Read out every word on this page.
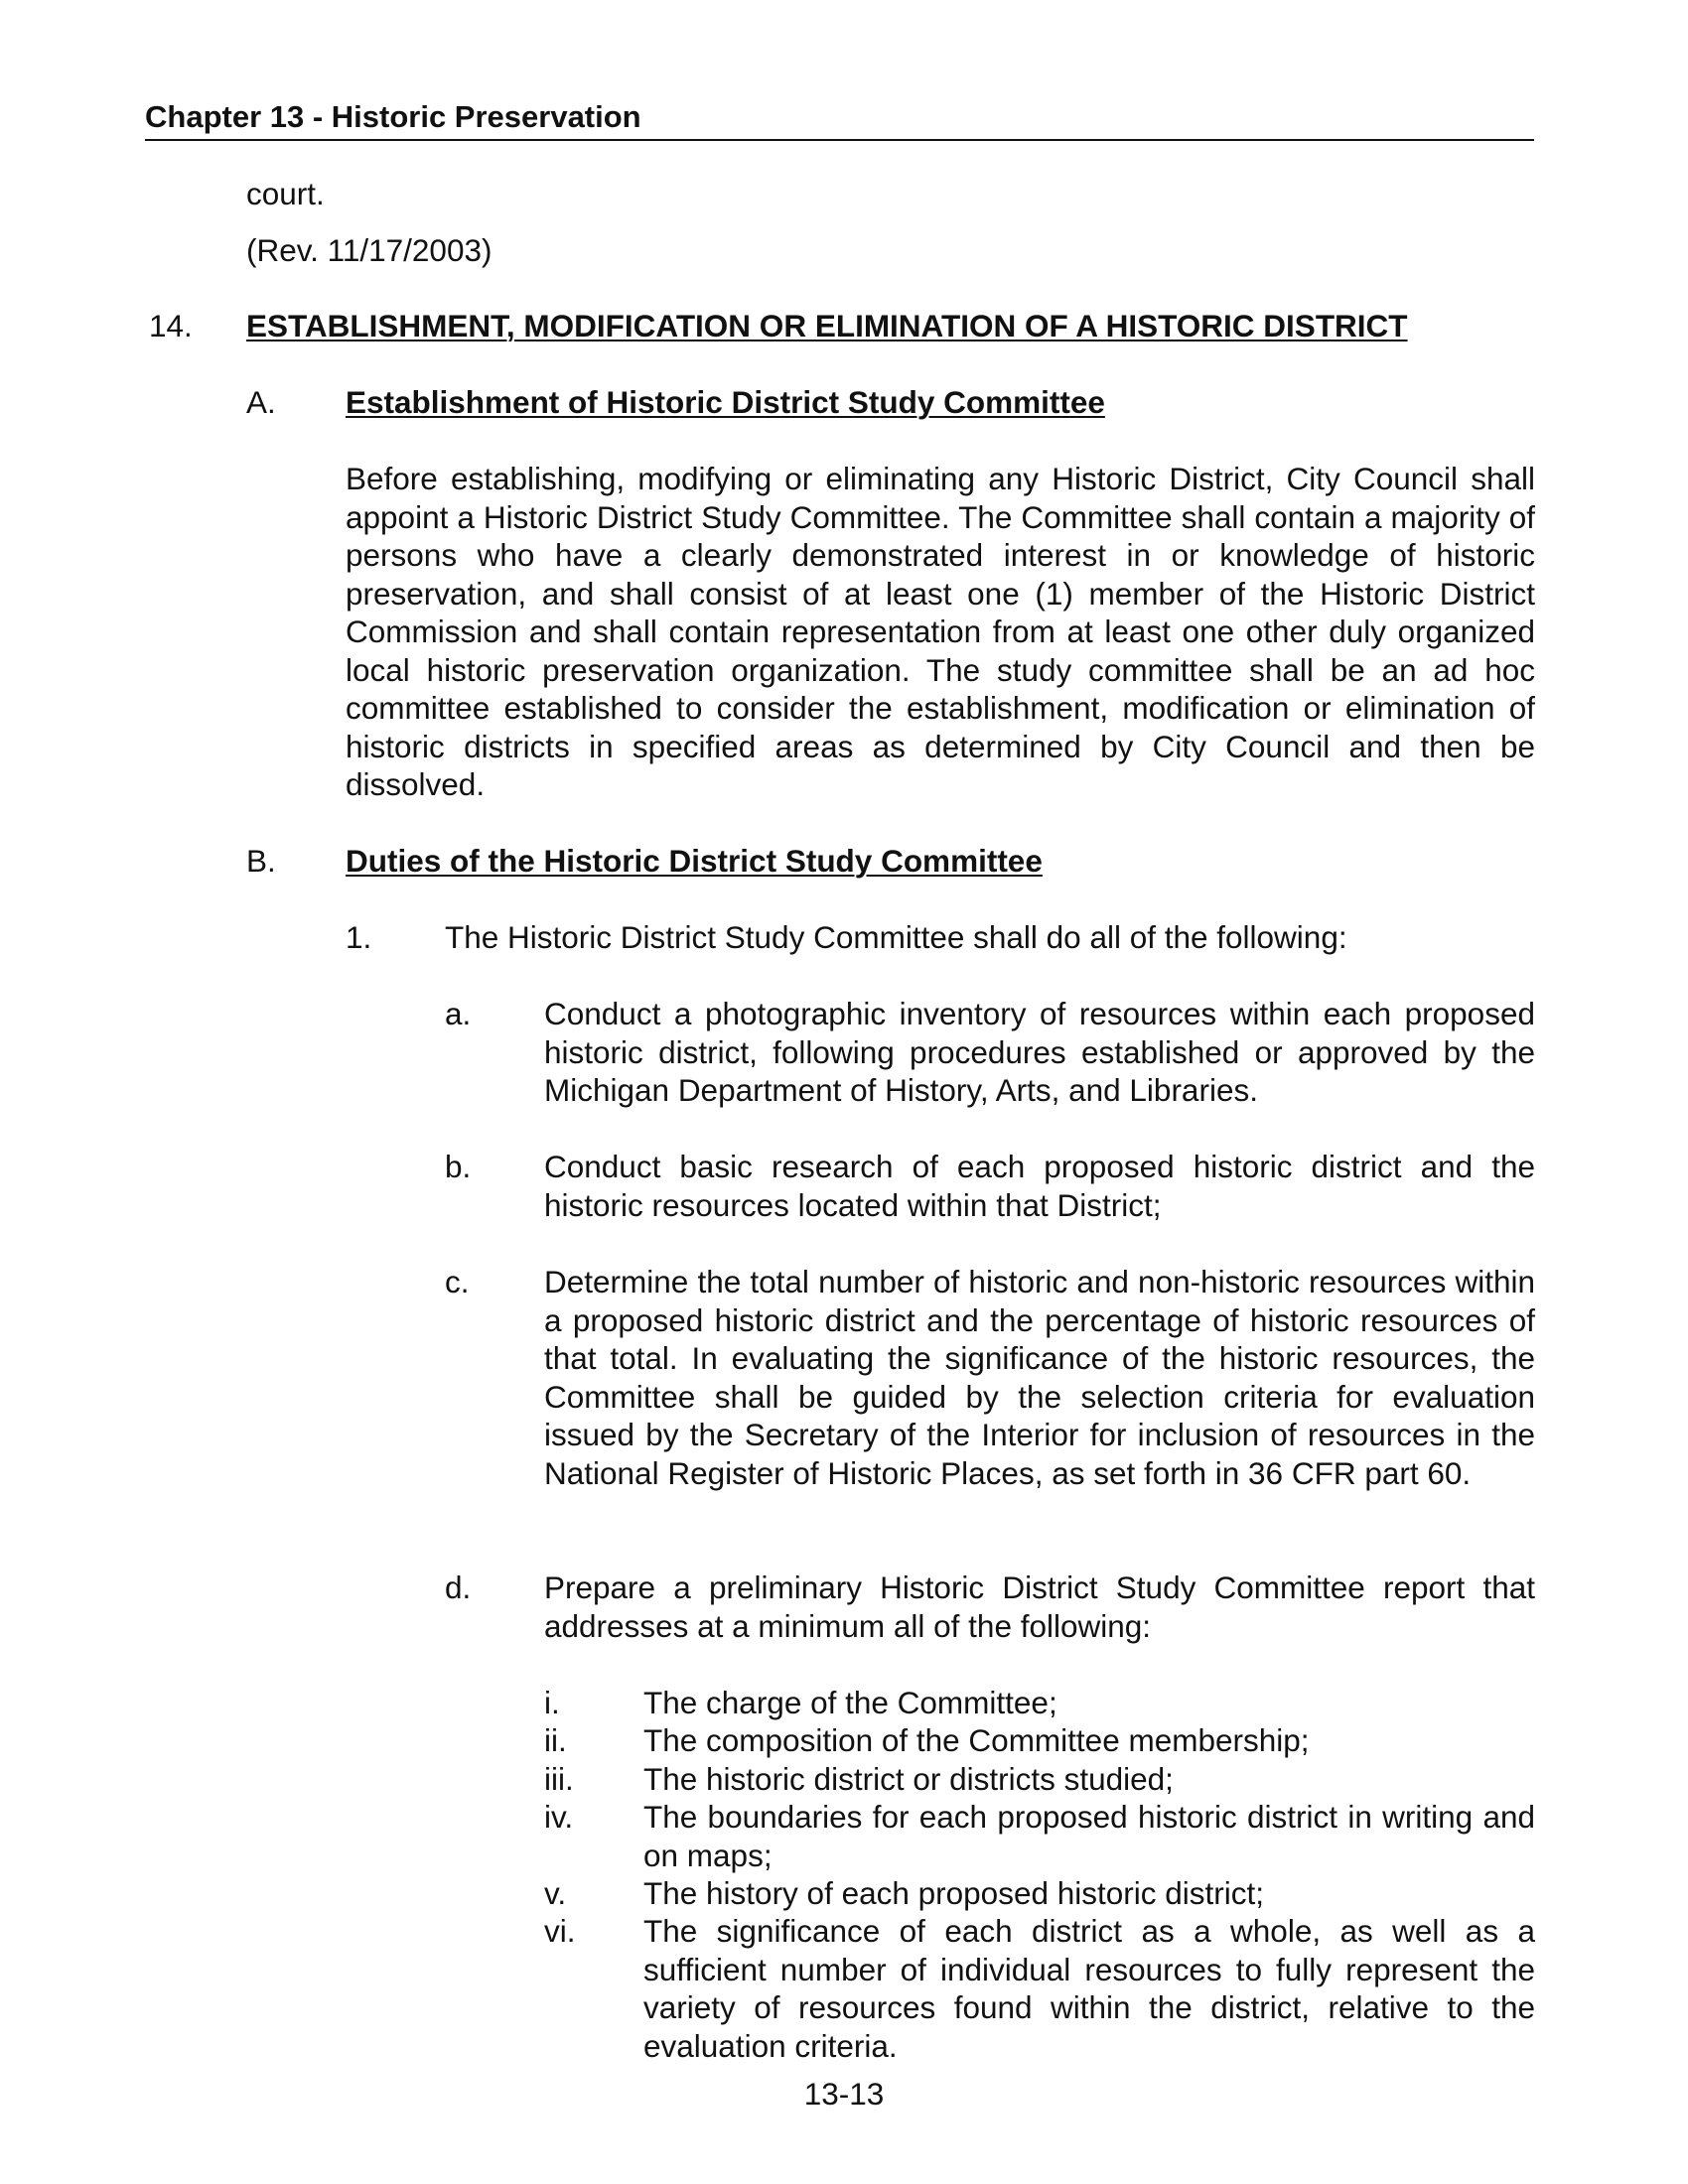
Chapter 13 - Historic Preservation
court.
(Rev. 11/17/2003)
14. ESTABLISHMENT, MODIFICATION OR ELIMINATION OF A HISTORIC DISTRICT
A. Establishment of Historic District Study Committee
Before establishing, modifying or eliminating any Historic District, City Council shall appoint a Historic District Study Committee. The Committee shall contain a majority of persons who have a clearly demonstrated interest in or knowledge of historic preservation, and shall consist of at least one (1) member of the Historic District Commission and shall contain representation from at least one other duly organized local historic preservation organization. The study committee shall be an ad hoc committee established to consider the establishment, modification or elimination of historic districts in specified areas as determined by City Council and then be dissolved.
B. Duties of the Historic District Study Committee
1. The Historic District Study Committee shall do all of the following:
a. Conduct a photographic inventory of resources within each proposed historic district, following procedures established or approved by the Michigan Department of History, Arts, and Libraries.
b. Conduct basic research of each proposed historic district and the historic resources located within that District;
c. Determine the total number of historic and non-historic resources within a proposed historic district and the percentage of historic resources of that total. In evaluating the significance of the historic resources, the Committee shall be guided by the selection criteria for evaluation issued by the Secretary of the Interior for inclusion of resources in the National Register of Historic Places, as set forth in 36 CFR part 60.
d. Prepare a preliminary Historic District Study Committee report that addresses at a minimum all of the following:
i.	The charge of the Committee;
ii. The composition of the Committee membership;
iii. The historic district or districts studied;
iv. The boundaries for each proposed historic district in writing and on maps;
v. The history of each proposed historic district;
vi. The significance of each district as a whole, as well as a sufficient number of individual resources to fully represent the variety of resources found within the district, relative to the evaluation criteria.
13-13
